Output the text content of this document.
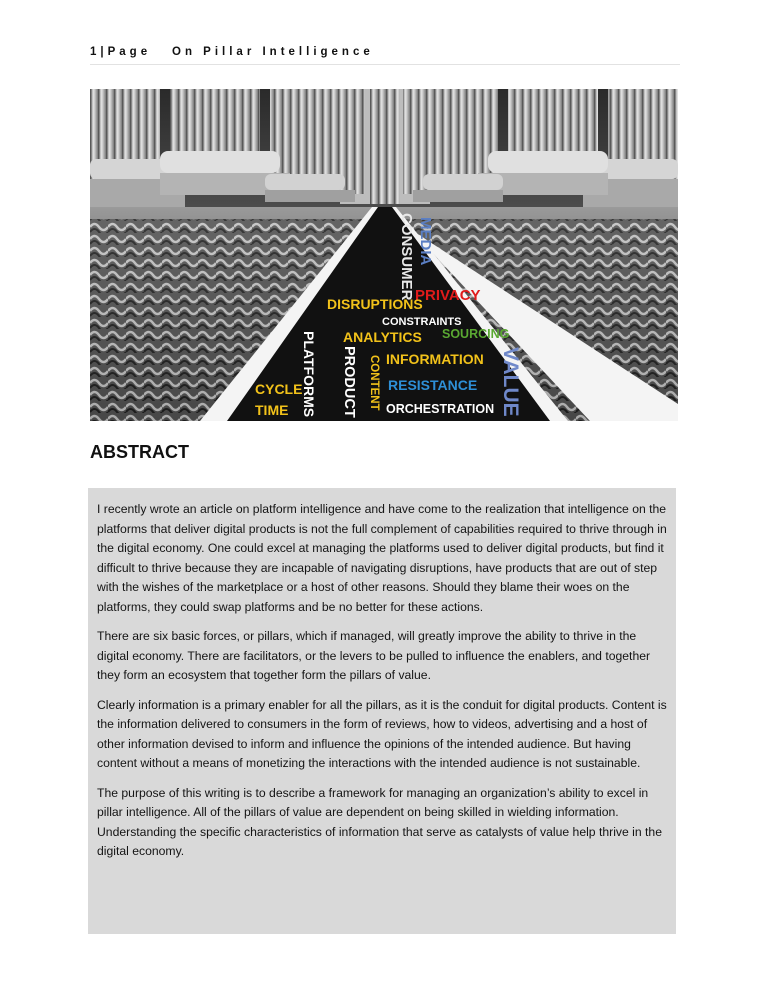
1|Page On Pillar Intelligence
MEDIA
CONSUMER PRIVACY
DISRUPTIONS
CONSTRAINTS
SOURCING
ANALYTICS
PLATFORMS PRODUCT CONTENT INFORMATION VALUE
CYCLE
TIME
RESISTANCE
ORCHESTRATION
ABSTRACT

I recently wrote an article on platform intelligence and have come to the realization that intelligence on the platforms that deliver digital products is not the full complement of capabilities required to thrive through in the digital economy. One could excel at managing the platforms used to deliver digital products, but find it difficult to thrive because they are incapable of navigating disruptions, have products that are out of step with the wishes of the marketplace or a host of other reasons. Should they blame their woes on the platforms, they could swap platforms and be no better for these actions.

There are six basic forces, or pillars, which if managed, will greatly improve the ability to thrive in the digital economy. There are facilitators, or the levers to be pulled to influence the enablers, and together they form an ecosystem that together form the pillars of value.

Clearly information is a primary enabler for all the pillars, as it is the conduit for digital products. Content is the information delivered to consumers in the form of reviews, how to videos, advertising and a host of other information devised to inform and influence the opinions of the intended audience. But having content without a means of monetizing the interactions with the intended audience is not sustainable.

The purpose of this writing is to describe a framework for managing an organization’s ability to excel in pillar intelligence. All of the pillars of value are dependent on being skilled in wielding information. Understanding the specific characteristics of information that serve as catalysts of value help thrive in the digital economy.
